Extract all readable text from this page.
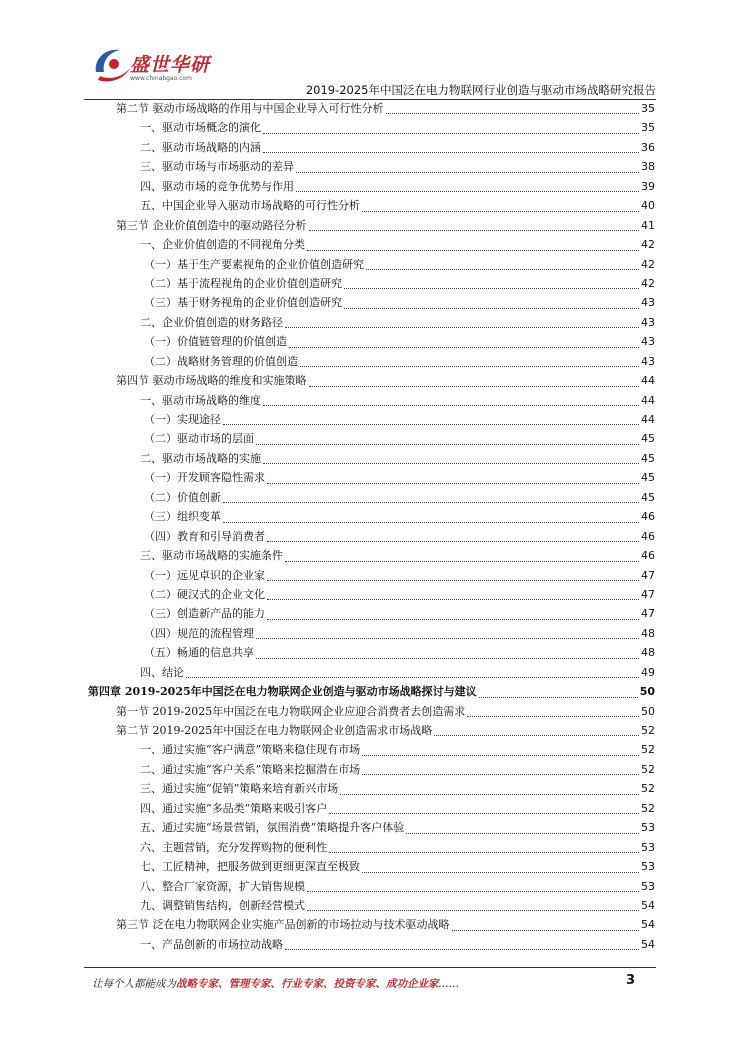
盛世华研
www.chinabgao.com
2019-2025年中国泛在电力物联网行业创造与驱动市场战略研究报告
第二节 驱动市场战略的作用与中国企业导入可行性分析	35
一、驱动市场概念的演化	35
二、驱动市场战略的内涵	36
三、驱动市场与市场驱动的差异	38
四、驱动市场的竞争优势与作用	39
五、中国企业导入驱动市场战略的可行性分析	40
第三节 企业价值创造中的驱动路径分析	41
一、企业价值创造的不同视角分类	42
（一）基于生产要素视角的企业价值创造研究	42
（二）基于流程视角的企业价值创造研究	42
（三）基于财务视角的企业价值创造研究	43
二、企业价值创造的财务路径	43
（一）价值链管理的价值创造	43
（二）战略财务管理的价值创造	43
第四节 驱动市场战略的维度和实施策略	44
一、驱动市场战略的维度	44
（一）实现途径	44
（二）驱动市场的层面	45
二、驱动市场战略的实施	45
（一）开发顾客隐性需求	45
（二）价值创新	45
（三）组织变革	46
（四）教育和引导消费者	46
三、驱动市场战略的实施条件	46
（一）远见卓识的企业家	47
（二）硬汉式的企业文化	47
（三）创造新产品的能力	47
（四）规范的流程管理	48
（五）畅通的信息共享	48
四、结论	49
第四章 2019-2025年中国泛在电力物联网企业创造与驱动市场战略探讨与建议	50
第一节 2019-2025年中国泛在电力物联网企业应迎合消费者去创造需求	50
第二节 2019-2025年中国泛在电力物联网企业创造需求市场战略	52
一、通过实施“客户满意”策略来稳住现有市场	52
二、通过实施“客户关系”策略来挖掘潜在市场	52
三、通过实施“促销”策略来培育新兴市场	52
四、通过实施“多品类”策略来吸引客户	52
五、通过实施“场景营销，氛围消费”策略提升客户体验	53
六、主题营销，充分发挥购物的便利性	53
七、工匠精神，把服务做到更细更深直至极致	53
八、整合厂家资源，扩大销售规模	53
九、调整销售结构，创新经营模式	54
第三节 泛在电力物联网企业实施产品创新的市场拉动与技术驱动战略	54
一、产品创新的市场拉动战略	54
让每个人都能成为战略专家、管理专家、行业专家、投资专家、成功企业家……	3
